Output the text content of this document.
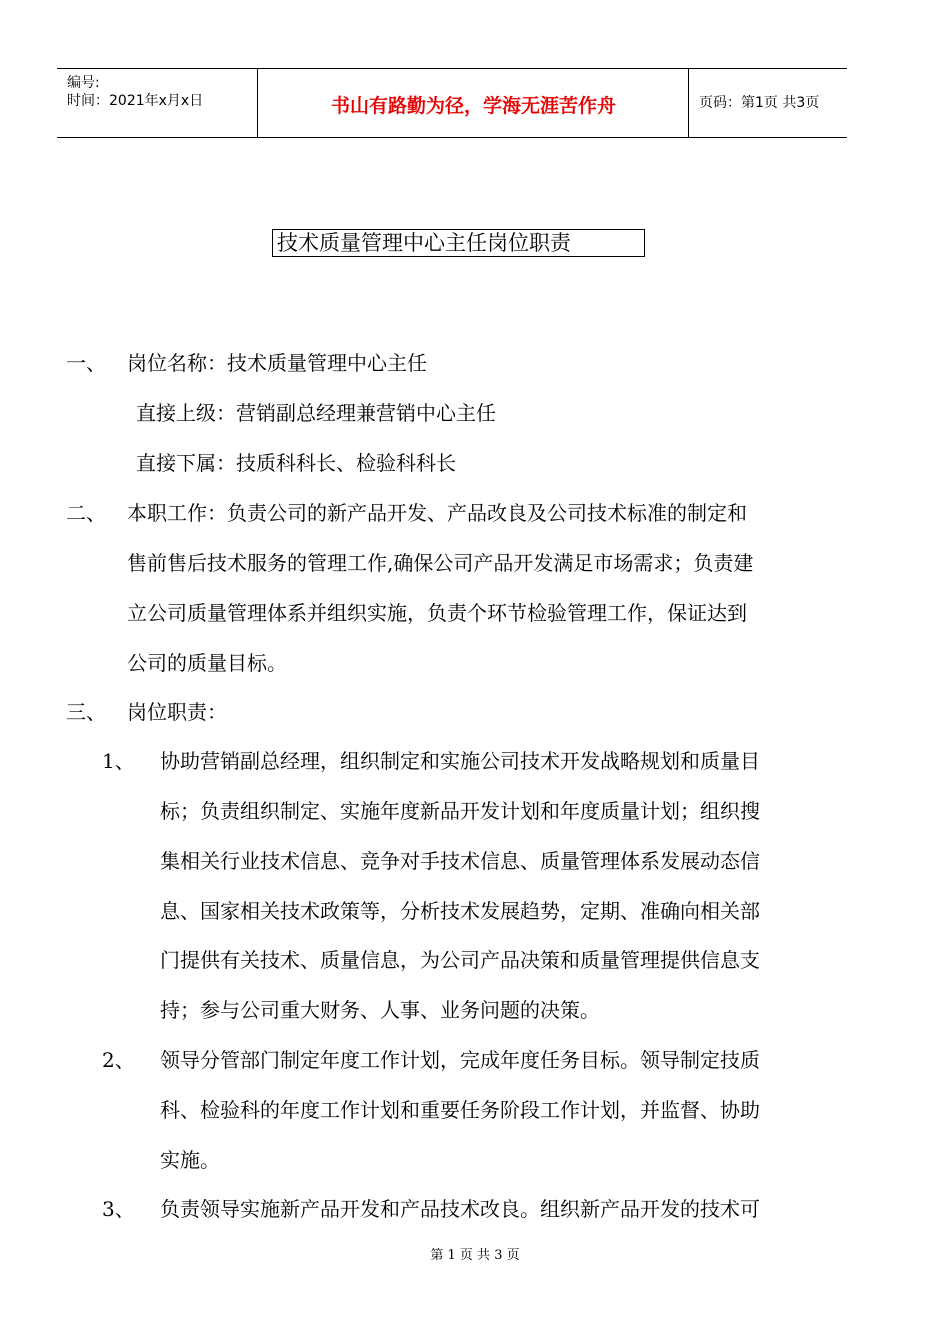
编号:
时间：2021年x月x日	书山有路勤为径，学海无涯苦作舟	页码：第1页 共3页
技术质量管理中心主任岗位职责
一、 岗位名称：技术质量管理中心主任
直接上级：营销副总经理兼营销中心主任
直接下属：技质科科长、检验科科长
二、 本职工作：负责公司的新产品开发、产品改良及公司技术标准的制定和
售前售后技术服务的管理工作,确保公司产品开发满足市场需求；负责建
立公司质量管理体系并组织实施，负责个环节检验管理工作，保证达到
公司的质量目标。
三、 岗位职责：
1、 协助营销副总经理，组织制定和实施公司技术开发战略规划和质量目
标；负责组织制定、实施年度新品开发计划和年度质量计划；组织搜
集相关行业技术信息、竞争对手技术信息、质量管理体系发展动态信
息、国家相关技术政策等，分析技术发展趋势，定期、准确向相关部
门提供有关技术、质量信息，为公司产品决策和质量管理提供信息支
持；参与公司重大财务、人事、业务问题的决策。
2、 领导分管部门制定年度工作计划，完成年度任务目标。领导制定技质
科、检验科的年度工作计划和重要任务阶段工作计划，并监督、协助
实施。
3、 负责领导实施新产品开发和产品技术改良。组织新产品开发的技术可
第 1 页 共 3 页
